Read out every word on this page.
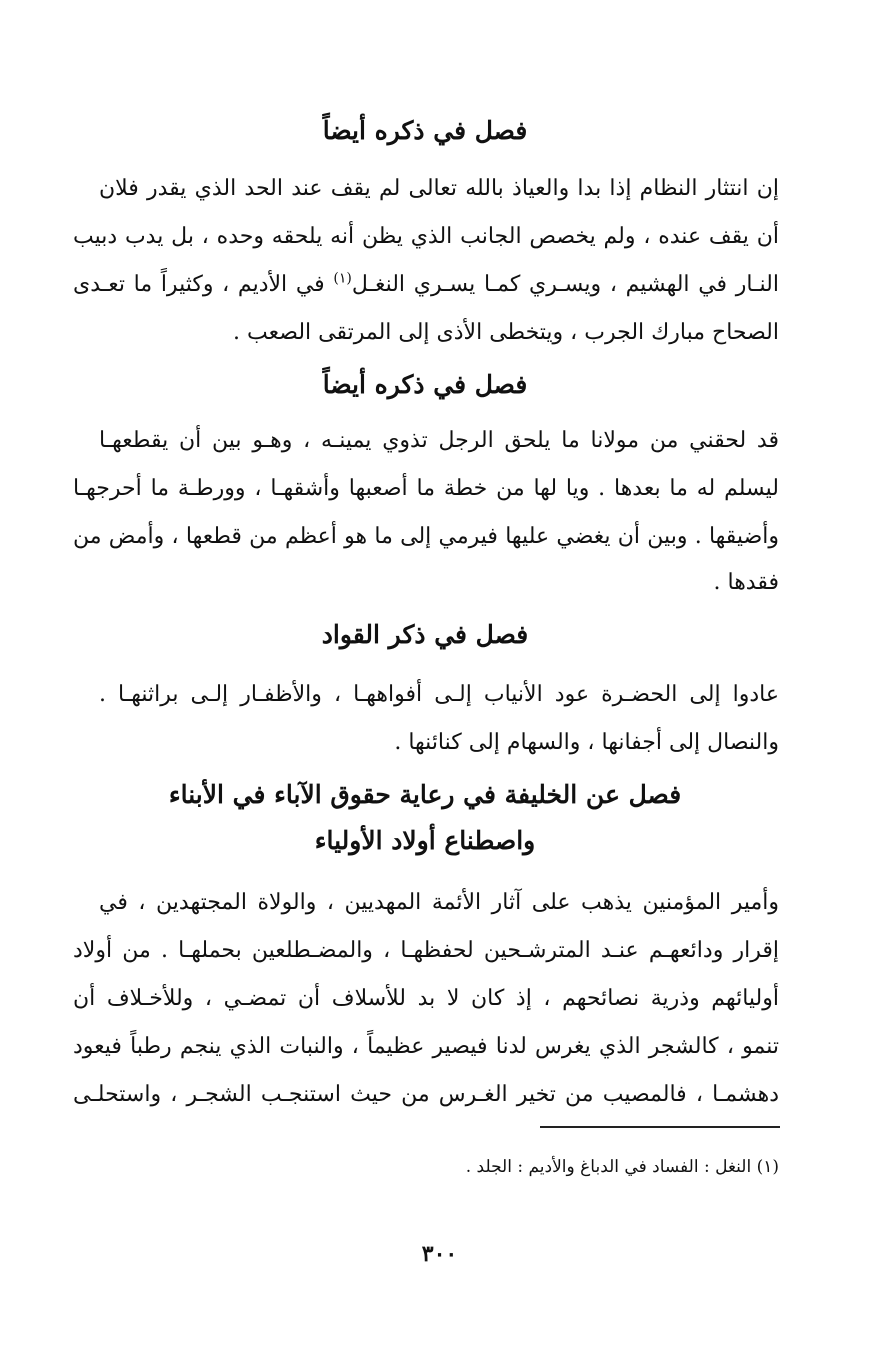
فصل في ذكره أيضاً
إن انتثار النظام إذا بدا والعياذ بالله تعالى لم يقف عند الحد الذي يقدر فلان
أن يقف عنده ، ولم يخصص الجانب الذي يظن أنه يلحقه وحده ، بل يدب دبيب
النـار في الهشيم ، ويسـري كمـا يسـري النغـل$^{(١)}$ في الأديم ، وكثيراً ما تعـدى
الصحاح مبارك الجرب ، ويتخطى الأذى إلى المرتقى الصعب .
فصل في ذكره أيضاً
قد لحقني من مولانا ما يلحق الرجل تذوي يمينـه ، وهـو بين أن يقطعهـا
ليسلم له ما بعدها . ويا لها من خطة ما أصعبها وأشقهـا ، وورطـة ما أحرجهـا
وأضيقها . وبين أن يغضي عليها فيرمي إلى ما هو أعظم من قطعها ، وأمض من
فقدها .
فصل في ذكر القواد
عادوا إلى الحضـرة عود الأنياب إلـى أفواههـا ، والأظفـار إلـى براثنهـا .
والنصال إلى أجفانها ، والسهام إلى كنائنها .
فصل عن الخليفة في رعاية حقوق الآباء في الأبناء
واصطناع أولاد الأولياء
وأمير المؤمنين يذهب على آثار الأئمة المهديين ، والولاة المجتهدين ، في
إقرار ودائعهـم عنـد المترشـحين لحفظهـا ، والمضـطلعين بحملهـا . من أولاد
أوليائهم وذرية نصائحهم ، إذ كان لا بد للأسلاف أن تمضـي ، وللأخـلاف أن
تنمو ، كالشجر الذي يغرس لدنا فيصير عظيماً ، والنبات الذي ينجم رطباً فيعود
دهشمـا ، فالمصيب من تخير الغـرس من حيث استنجـب الشجـر ، واستحلـى
(١) النغل : الفساد في الدباغ والأديم : الجلد .
٣٠٠
